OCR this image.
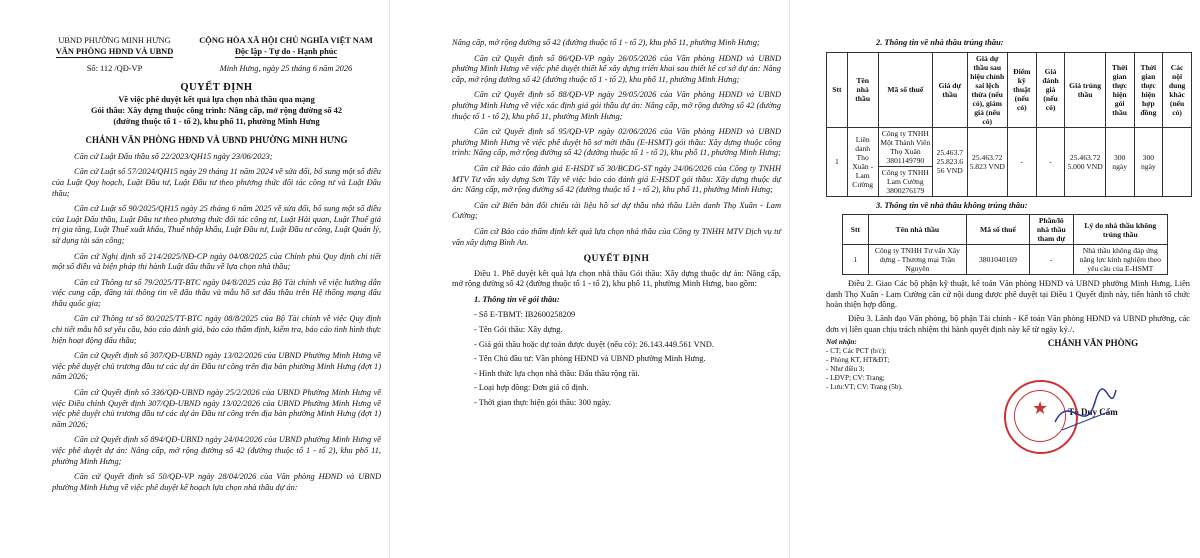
UBND PHƯỜNG MINH HƯNG
VĂN PHÒNG HĐND VÀ UBND
Số: 112 /QĐ-VP
CỘNG HÒA XÃ HỘI CHỦ NGHĨA VIỆT NAM
Độc lập - Tự do - Hạnh phúc
Minh Hưng, ngày 25 tháng 6 năm 2026
QUYẾT ĐỊNH
Về việc phê duyệt kết quả lựa chọn nhà thầu qua mạng
Gói thầu: Xây dựng thuộc công trình: Nâng cấp, mở rộng đường số 42
(đường thuộc tổ 1 - tổ 2), khu phố 11, phường Minh Hưng
CHÁNH VĂN PHÒNG HĐND VÀ UBND PHƯỜNG MINH HƯNG

Căn cứ Luật Đấu thầu số 22/2023/QH15 ngày 23/06/2023;

Căn cứ Luật số 57/2024/QH15 ngày 29 tháng 11 năm 2024 về sửa đổi, bổ sung một số điều của Luật Quy hoạch, Luật Đầu tư, Luật Đầu tư theo phương thức đối tác công tư và Luật Đấu thầu;

Căn cứ Luật số 90/2025/QH15 ngày 25 tháng 6 năm 2025 về sửa đổi, bổ sung một số điều của Luật Đấu thầu, Luật Đầu tư theo phương thức đối tác công tư, Luật Hải quan, Luật Thuế giá trị gia tăng, Luật Thuế xuất khẩu, Thuế nhập khẩu, Luật Đầu tư, Luật Đầu tư công, Luật Quản lý, sử dụng tài sản công;

Căn cứ Nghị định số 214/2025/NĐ-CP ngày 04/08/2025 của Chính phủ Quy định chi tiết một số điều và biện pháp thi hành Luật đấu thầu về lựa chọn nhà thầu;

Căn cứ Thông tư số 79/2025/TT-BTC ngày 04/8/2025 của Bộ Tài chính về việc hướng dẫn việc cung cấp, đăng tải thông tin về đấu thầu và mẫu hồ sơ đấu thầu trên Hệ thống mạng đấu thầu quốc gia;

Căn cứ Thông tư số 80/2025/TT-BTC ngày 08/8/2025 của Bộ Tài chính về việc Quy định chi tiết mẫu hồ sơ yêu cầu, báo cáo đánh giá, báo cáo thẩm định, kiểm tra, báo cáo tình hình thực hiện hoạt động đấu thầu;

Căn cứ Quyết định số 307/QĐ-UBND ngày 13/02/2026 của UBND Phường Minh Hưng về việc phê duyệt chủ trương đầu tư các dự án Đầu tư công trên địa bàn phường Minh Hưng (đợt 1) năm 2026;

Căn cứ Quyết định số 336/QĐ-UBND ngày 25/2/2026 của UBND Phường Minh Hưng về việc Điều chỉnh Quyết định 307/QĐ-UBND ngày 13/02/2026 của UBND Phường Minh Hưng về việc phê duyệt chủ trương đầu tư các dự án Đầu tư công trên địa bàn phường Minh Hưng (đợt 1) năm 2026;

Căn cứ Quyết định số 894/QĐ-UBND ngày 24/04/2026 của UBND phường Minh Hưng về việc phê duyệt dự án: Nâng cấp, mở rộng đường số 42 (đường thuộc tổ 1 - tổ 2), khu phố 11, phường Minh Hưng;

Căn cứ Quyết định số 50/QĐ-VP ngày 28/04/2026 của Văn phòng HĐND và UBND phường Minh Hưng về việc phê duyệt kế hoạch lựa chọn nhà thầu dự án:

Nâng cấp, mở rộng đường số 42 (đường thuộc tổ 1 - tổ 2), khu phố 11, phường Minh Hưng;

Căn cứ Quyết định số 86/QĐ-VP ngày 26/05/2026 của Văn phòng HĐND và UBND phường Minh Hưng về việc phê duyệt thiết kế xây dựng triển khai sau thiết kế cơ sở dự án: Nâng cấp, mở rộng đường số 42 (đường thuộc tổ 1 - tổ 2), khu phố 11, phường Minh Hưng;

Căn cứ Quyết định số 88/QĐ-VP ngày 29/05/2026 của Văn phòng HĐND và UBND phường Minh Hưng về việc xác định giá gói thầu dự án: Nâng cấp, mở rộng đường số 42 (đường thuộc tổ 1 - tổ 2), khu phố 11, phường Minh Hưng;

Căn cứ Quyết định số 95/QĐ-VP ngày 02/06/2026 của Văn phòng HĐND và UBND phường Minh Hưng về việc phê duyệt hồ sơ mời thầu (E-HSMT) gói thầu: Xây dựng thuộc công trình: Nâng cấp, mở rộng đường số 42 (đường thuộc tổ 1 - tổ 2), khu phố 11, phường Minh Hưng;

Căn cứ Báo cáo đánh giá E-HSDT số 30/BCĐG-ST ngày 24/06/2026 của Công ty TNHH MTV Tư vấn xây dựng Sơn Tây về việc báo cáo đánh giá E-HSDT gói thầu: Xây dựng thuộc dự án: Nâng cấp, mở rộng đường số 42 (đường thuộc tổ 1 - tổ 2), khu phố 11, phường Minh Hưng;

Căn cứ Biên bản đối chiếu tài liệu hồ sơ dự thầu nhà thầu Liên danh Thọ Xuân - Lam Cường;

Căn cứ Báo cáo thẩm định kết quả lựa chọn nhà thầu của Công ty TNHH MTV Dịch vụ tư vấn xây dựng Bình An.

QUYẾT ĐỊNH

Điều 1. Phê duyệt kết quả lựa chọn nhà thầu Gói thầu: Xây dựng thuộc dự án: Nâng cấp, mở rộng đường số 42 (đường thuộc tổ 1 - tổ 2), khu phố 11, phường Minh Hưng, bao gồm:

1. Thông tin về gói thầu:
- Số E-TBMT: IB2600258209
- Tên Gói thầu: Xây dựng.
- Giá gói thầu hoặc dự toán được duyệt (nếu có): 26.143.449.561 VND.
- Tên Chủ đầu tư: Văn phòng HĐND và UBND phường Minh Hưng.
- Hình thức lựa chọn nhà thầu: Đấu thầu rộng rãi.
- Loại hợp đồng: Đơn giá cố định.
- Thời gian thực hiện gói thầu: 300 ngày.
2. Thông tin về nhà thầu trúng thầu:
Stt	Tên nhà thầu	Mã số thuế	Giá dự thầu	Giá dự thầu sau hiệu chỉnh sai lệch thừa (nếu có), giảm giá (nếu có)	Điểm kỹ thuật (nếu có)	Giá đánh giá (nếu có)	Giá trúng thầu	Thời gian thực hiện gói thầu	Thời gian thực hiện hợp đồng	Các nội dung khác (nếu có)
1	Liên danh Thọ Xuân - Lam Cường	Công ty TNHH Một Thành Viên Thọ Xuân
3801149790
Công ty TNHH Lam Cường
3800276179	25.463.725.823.656 VND	25.463.725.823 VND	-	-	25.463.725.000 VND	300 ngày	300 ngày	
3. Thông tin về nhà thầu không trúng thầu:
Stt	Tên nhà thầu	Mã số thuế	Phần/lô nhà thầu tham dự	Lý do nhà thầu không trúng thầu
1	Công ty TNHH Tư vấn Xây dựng - Thương mại Trần Nguyên	3801040169	-	Nhà thầu không đáp ứng năng lực kinh nghiệm theo yêu cầu của E-HSMT

Điều 2. Giao Các bộ phận kỹ thuật, kế toán Văn phòng HĐND và UBND phường Minh Hưng, Liên danh Thọ Xuân - Lam Cường căn cứ nội dung được phê duyệt tại Điều 1 Quyết định này, tiến hành tổ chức hoàn thiện hợp đồng.

Điều 3. Lãnh đạo Văn phòng, bộ phận Tài chính - Kế toán Văn phòng HĐND và UBND phường, các đơn vị liên quan chịu trách nhiệm thi hành quyết định này kể từ ngày ký./.

Nơi nhận:
- CT; Các PCT (b/c);
- Phòng KT, HT&ĐT;
- Như điều 3;
- LĐVP; CV: Trang;
- Lưu:VT; CV: Trang (5b).
CHÁNH VĂN PHÒNG
Tô Duy Cẩm
★
